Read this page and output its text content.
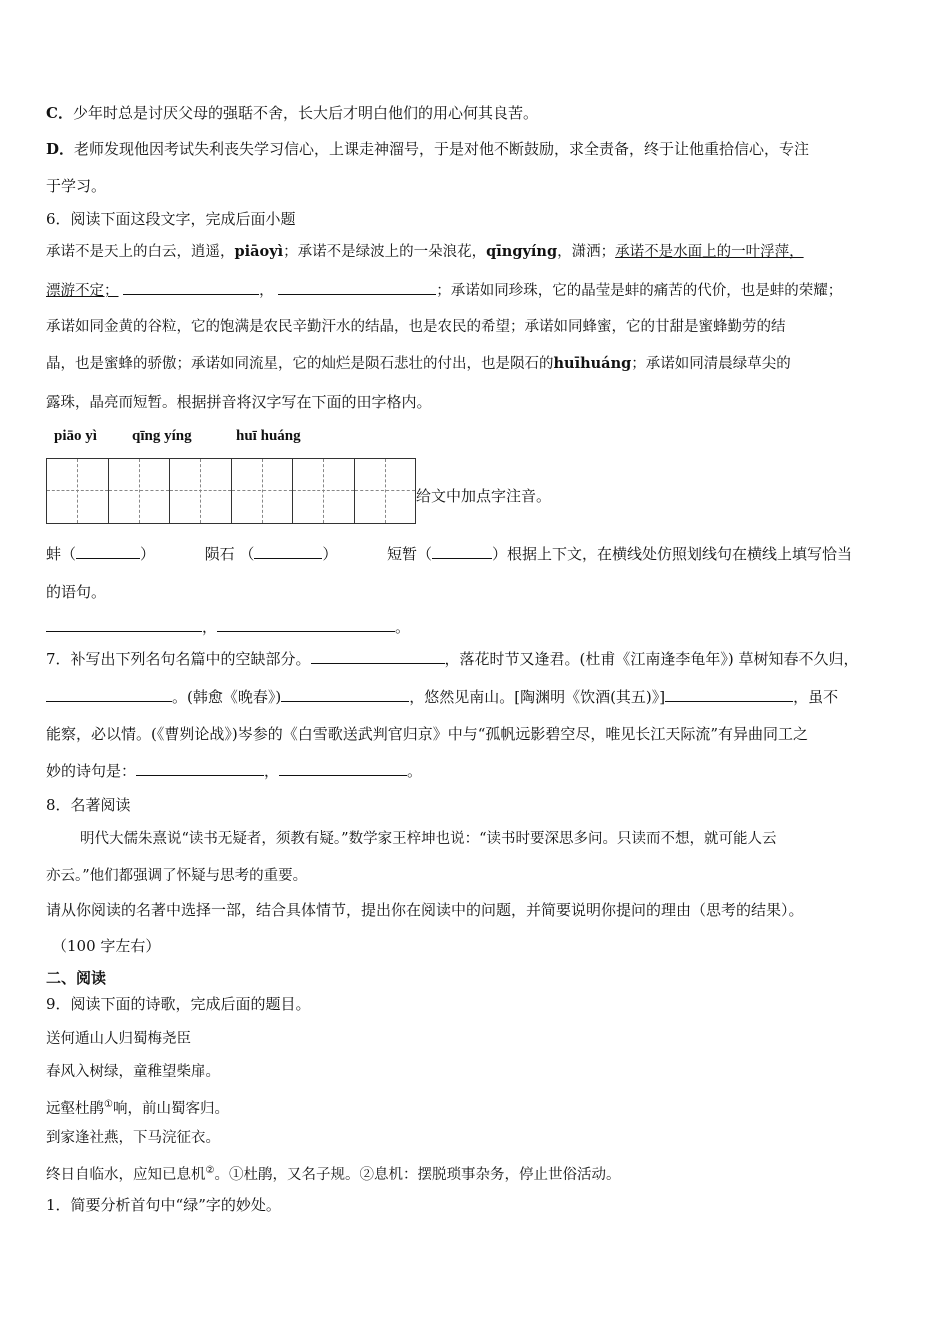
C．少年时总是讨厌父母的强聒不舍，长大后才明白他们的用心何其良苦。
D．老师发现他因考试失利丧失学习信心，上课走神溜号，于是对他不断鼓励，求全责备，终于让他重拾信心，专注
于学习。
6．阅读下面这段文字，完成后面小题
承诺不是天上的白云，逍遥，piāoyì；承诺不是绿波上的一朵浪花，qīngyíng，潇洒；承诺不是水面上的一叶浮萍，
漂游不定；	，	；承诺如同珍珠，它的晶莹是蚌的痛苦的代价，也是蚌的荣耀；
承诺如同金黄的谷粒，它的饱满是农民辛勤汗水的结晶，也是农民的希望；承诺如同蜂蜜，它的甘甜是蜜蜂勤劳的结
晶，也是蜜蜂的骄傲；承诺如同流星，它的灿烂是陨石悲壮的付出，也是陨石的huīhuáng；承诺如同清晨绿草尖的
露珠，晶亮而短暂。根据拼音将汉字写在下面的田字格内。
piāo yì qīng yíng	huī huáng
给文中加点字注音。
蚌（	）	陨石 （	）	短暂（	）根据上下文，在横线处仿照划线句在横线上填写恰当
的语句。
，	。
7．补写出下列名句名篇中的空缺部分。	，落花时节又逢君。(杜甫《江南逢李龟年》) 草树知春不久归，
。(韩愈《晚春》)	，悠然见南山。[陶渊明《饮酒(其五)》]	，虽不
能察，必以情。(《曹刿论战》)岑参的《白雪歌送武判官归京》中与“孤帆远影碧空尽，唯见长江天际流”有异曲同工之
妙的诗句是：	，	。
8．名著阅读
明代大儒朱熹说“读书无疑者，须教有疑。”数学家王梓坤也说：“读书时要深思多问。只读而不想，就可能人云
亦云。”他们都强调了怀疑与思考的重要。
请从你阅读的名著中选择一部，结合具体情节，提出你在阅读中的问题，并简要说明你提问的理由（思考的结果）。
（100 字左右）
二、阅读
9．阅读下面的诗歌，完成后面的题目。
送何遁山人归蜀梅尧臣
春风入树绿，童稚望柴扉。
远壑杜鹃①响，前山蜀客归。
到家逢社燕，下马浣征衣。
终日自临水，应知已息机②。①杜鹃，又名子规。②息机：摆脱琐事杂务，停止世俗活动。
1．简要分析首句中“绿”字的妙处。
